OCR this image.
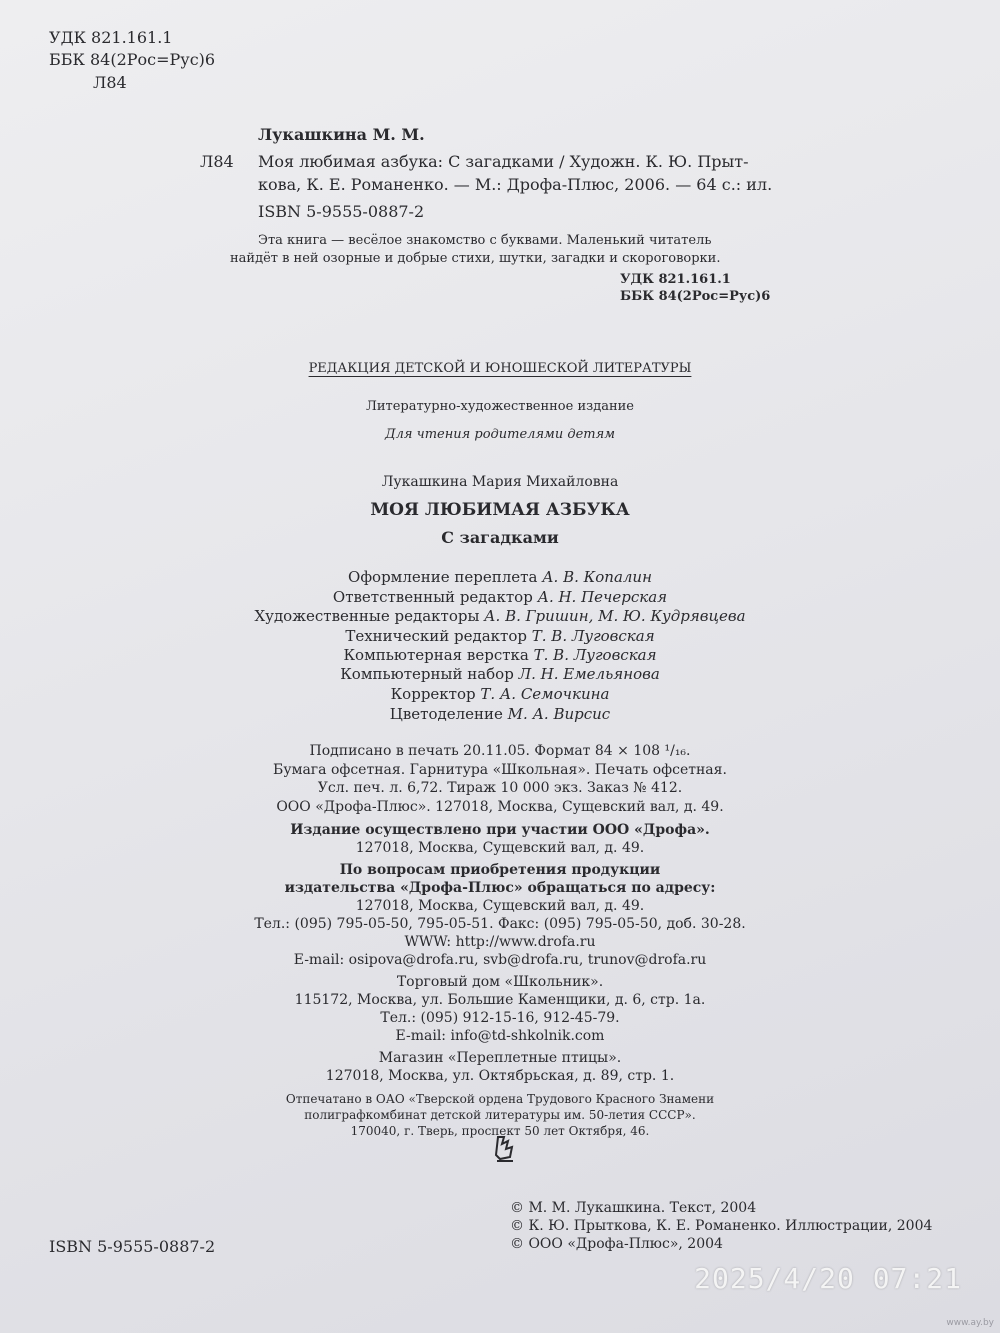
УДК 821.161.1
ББК 84(2Рос=Рус)6
Л84
Лукашкина М. М.
Л84 Моя любимая азбука: С загадками / Художн. К. Ю. Прыт-
кова, К. Е. Романенко. — М.: Дрофа-Плюс, 2006. — 64 с.: ил.
ISBN 5-9555-0887-2
Эта книга — весёлое знакомство с буквами. Маленький читатель
найдёт в ней озорные и добрые стихи, шутки, загадки и скороговорки.
УДК 821.161.1
ББК 84(2Рос=Рус)6
РЕДАКЦИЯ ДЕТСКОЙ И ЮНОШЕСКОЙ ЛИТЕРАТУРЫ
Литературно-художественное издание
Для чтения родителями детям
Лукашкина Мария Михайловна
МОЯ ЛЮБИМАЯ АЗБУКА
С загадками
Оформление переплета А. В. Копалин
Ответственный редактор А. Н. Печерская
Художественные редакторы А. В. Гришин, М. Ю. Кудрявцева
Технический редактор Т. В. Луговская
Компьютерная верстка Т. В. Луговская
Компьютерный набор Л. Н. Емельянова
Корректор Т. А. Семочкина
Цветоделение М. А. Вирсис
Подписано в печать 20.11.05. Формат 84 × 108 ¹/₁₆.
Бумага офсетная. Гарнитура «Школьная». Печать офсетная.
Усл. печ. л. 6,72. Тираж 10 000 экз. Заказ № 412.
ООО «Дрофа-Плюс». 127018, Москва, Сущевский вал, д. 49.
Издание осуществлено при участии ООО «Дрофа».
127018, Москва, Сущевский вал, д. 49.
По вопросам приобретения продукции
издательства «Дрофа-Плюс» обращаться по адресу:
127018, Москва, Сущевский вал, д. 49.
Тел.: (095) 795-05-50, 795-05-51. Факс: (095) 795-05-50, доб. 30-28.
WWW: http://www.drofa.ru
E-mail: osipova@drofa.ru, svb@drofa.ru, trunov@drofa.ru
Торговый дом «Школьник».
115172, Москва, ул. Большие Каменщики, д. 6, стр. 1а.
Тел.: (095) 912-15-16, 912-45-79.
E-mail: info@td-shkolnik.com
Магазин «Переплетные птицы».
127018, Москва, ул. Октябрьская, д. 89, стр. 1.
Отпечатано в ОАО «Тверской ордена Трудового Красного Знамени
полиграфкомбинат детской литературы им. 50-летия СССР».
170040, г. Тверь, проспект 50 лет Октября, 46.
© М. М. Лукашкина. Текст, 2004
© К. Ю. Прыткова, К. Е. Романенко. Иллюстрации, 2004
© ООО «Дрофа-Плюс», 2004
ISBN 5-9555-0887-2
2025/4/20 07:21
www.ay.by
